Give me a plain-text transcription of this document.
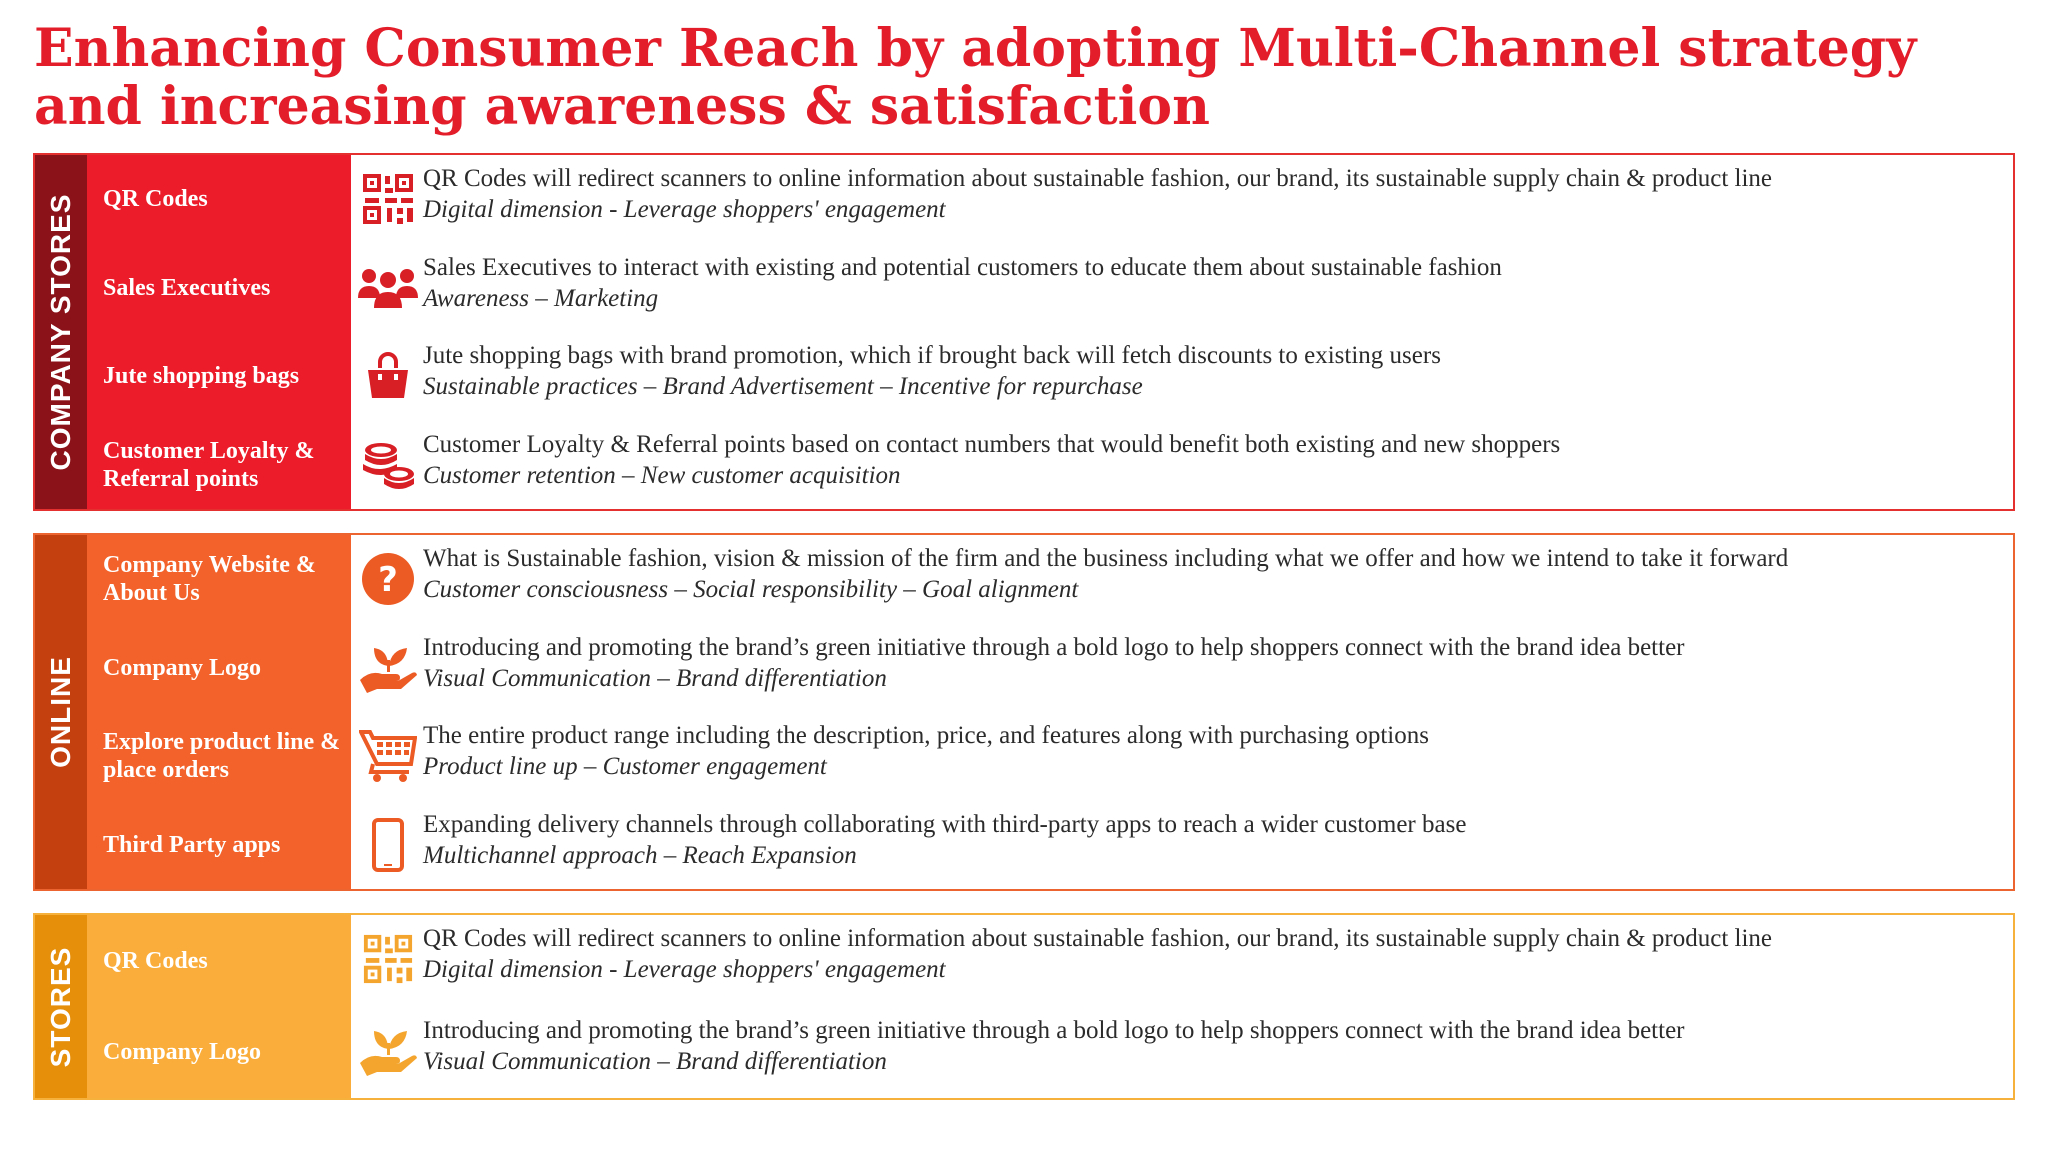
Enhancing Consumer Reach by adopting Multi-Channel strategy and increasing awareness & satisfaction
COMPANY STORES	QR Codes
Sales Executives
Jute shopping bags
Customer Loyalty & Referral points
QR Codes will redirect scanners to online information about sustainable fashion, our brand, its sustainable supply chain & product line
Digital dimension - Leverage shoppers' engagement
Sales Executives to interact with existing and potential customers to educate them about sustainable fashion
Awareness – Marketing
Jute shopping bags with brand promotion, which if brought back will fetch discounts to existing users
Sustainable practices – Brand Advertisement – Incentive for repurchase
Customer Loyalty & Referral points based on contact numbers that would benefit both existing and new shoppers
Customer retention – New customer acquisition
ONLINE
Company Website & About Us
Company Logo
Explore product line & place orders
Third Party apps
?
What is Sustainable fashion, vision & mission of the firm and the business including what we offer and how we intend to take it forward
Customer consciousness – Social responsibility – Goal alignment
Introducing and promoting the brand’s green initiative through a bold logo to help shoppers connect with the brand idea better
Visual Communication – Brand differentiation
The entire product range including the description, price, and features along with purchasing options
Product line up – Customer engagement
Expanding delivery channels through collaborating with third-party apps to reach a wider customer base
Multichannel approach – Reach Expansion
STORES	QR Codes
Company Logo
QR Codes will redirect scanners to online information about sustainable fashion, our brand, its sustainable supply chain & product line
Digital dimension - Leverage shoppers' engagement
Introducing and promoting the brand’s green initiative through a bold logo to help shoppers connect with the brand idea better
Visual Communication – Brand differentiation
